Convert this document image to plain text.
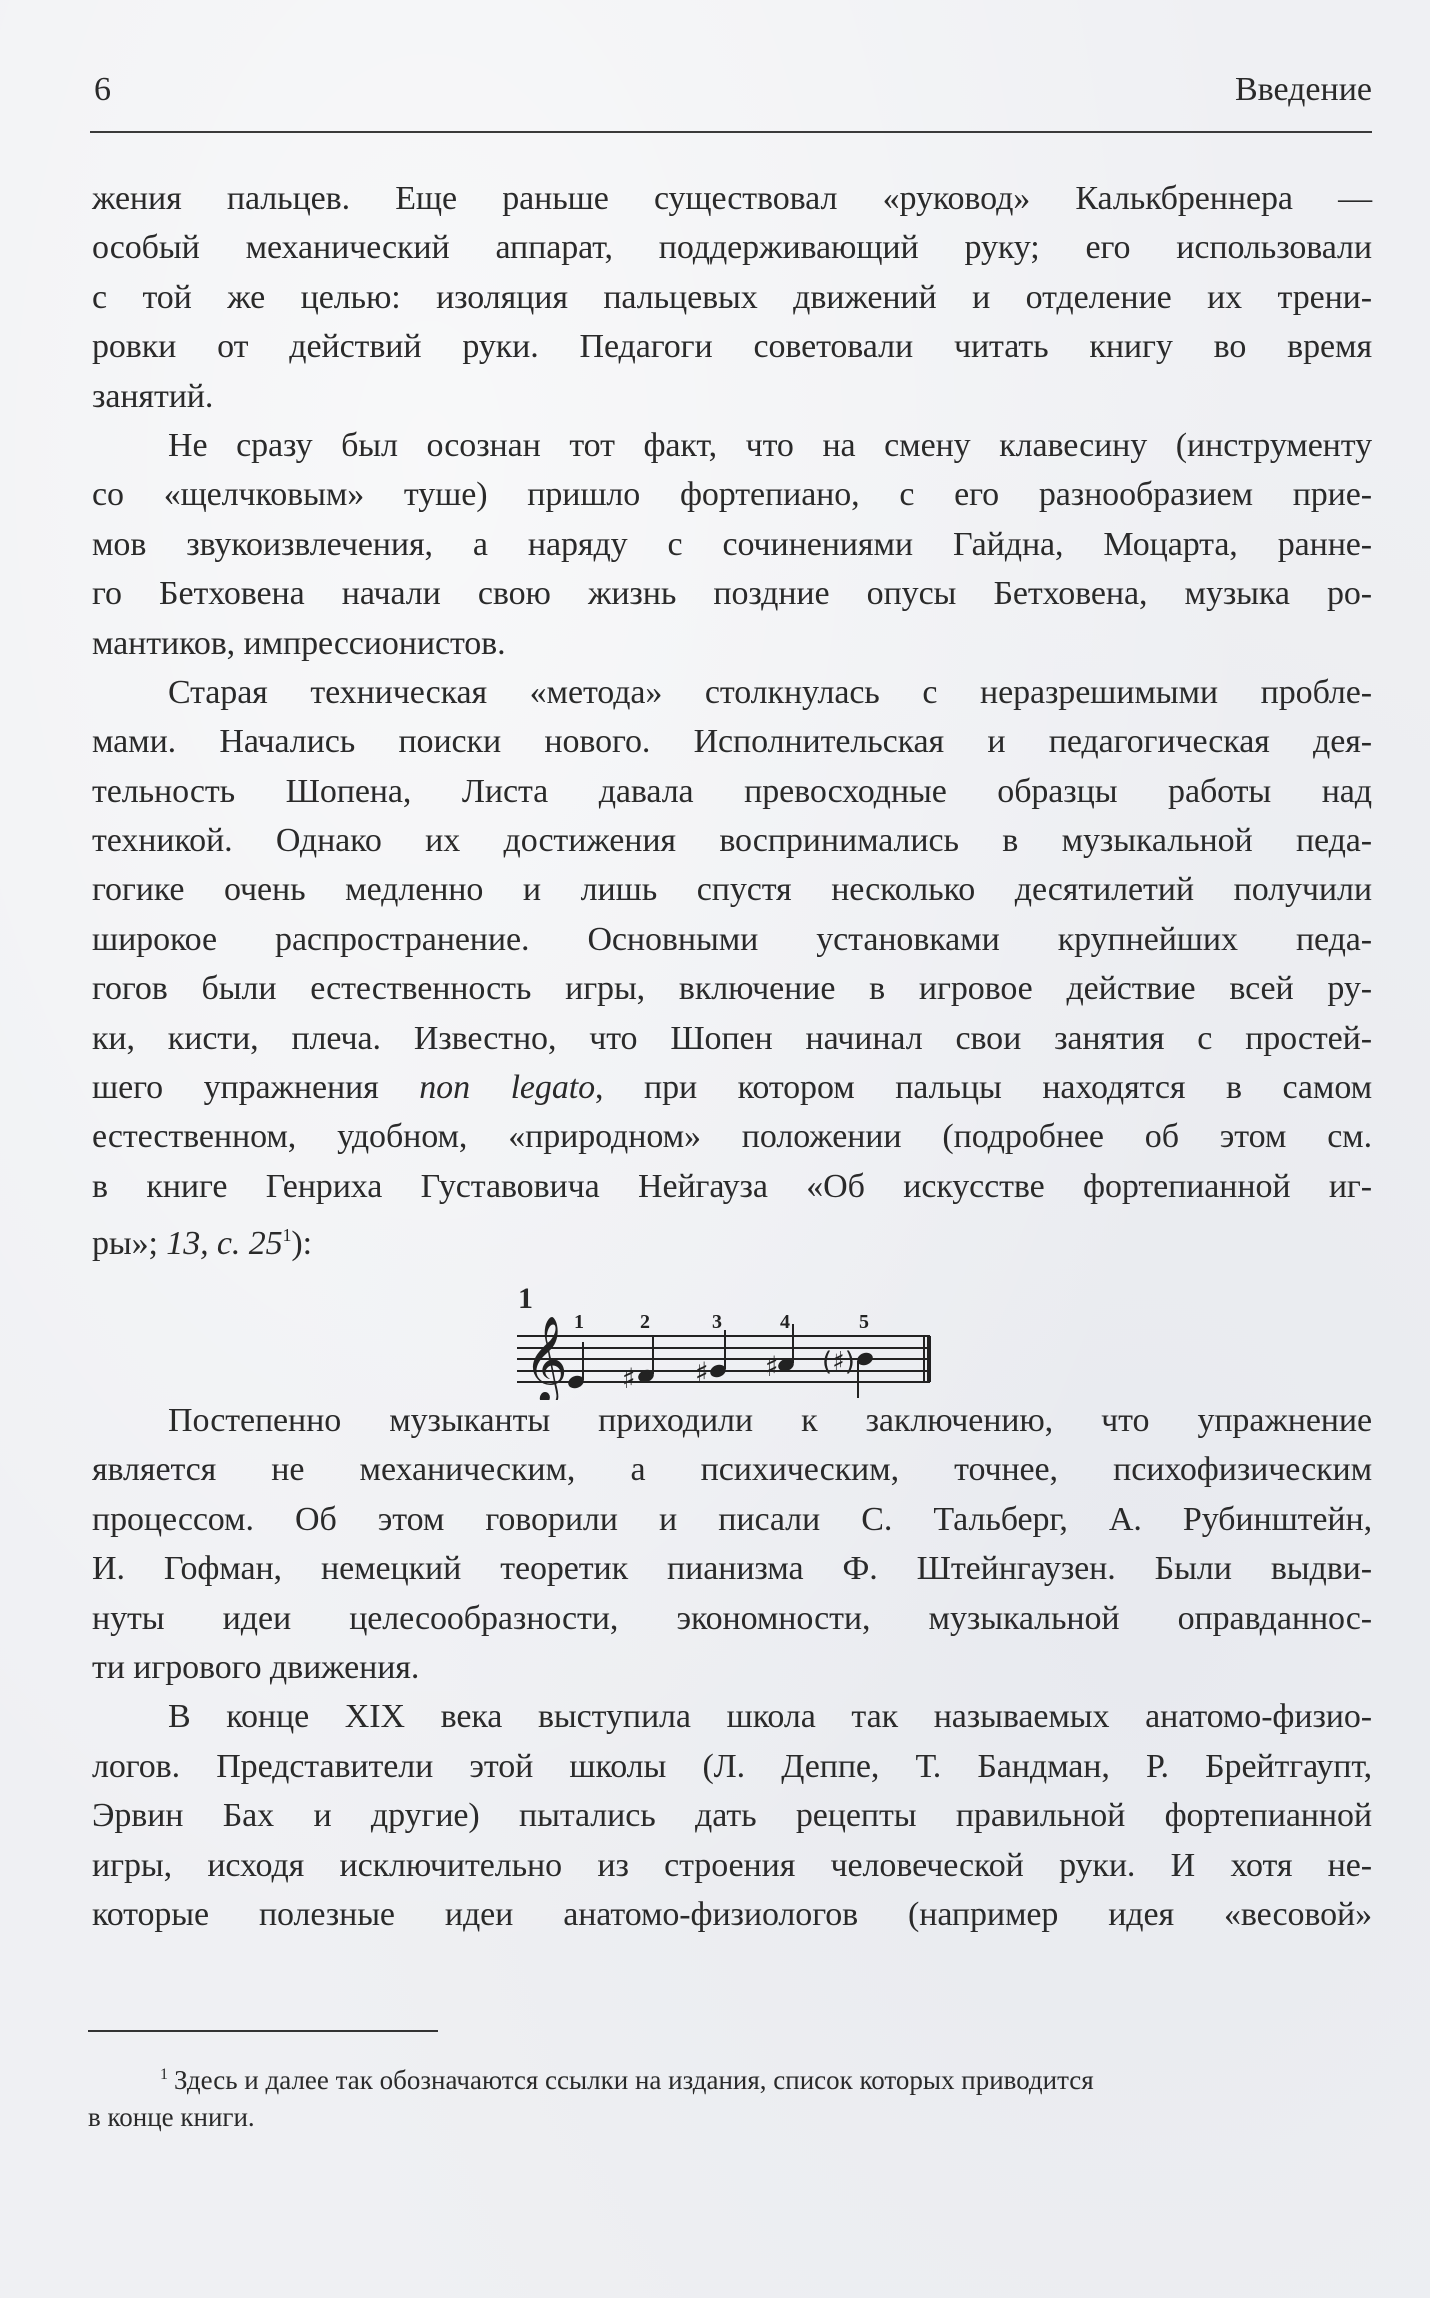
6	Введение
жения пальцев. Еще раньше существовал «руковод» Калькбреннера —
особый механический аппарат, поддерживающий руку; его использовали
с той же целью: изоляция пальцевых движений и отделение их трени-
ровки от действий руки. Педагоги советовали читать книгу во время
занятий.
Не сразу был осознан тот факт, что на смену клавесину (инструменту
со «щелчковым» туше) пришло фортепиано, с его разнообразием прие-
мов звукоизвлечения, а наряду с сочинениями Гайдна, Моцарта, ранне-
го Бетховена начали свою жизнь поздние опусы Бетховена, музыка ро-
мантиков, импрессионистов.
Старая техническая «метода» столкнулась с неразрешимыми пробле-
мами. Начались поиски нового. Исполнительская и педагогическая дея-
тельность Шопена, Листа давала превосходные образцы работы над
техникой. Однако их достижения воспринимались в музыкальной педа-
гогике очень медленно и лишь спустя несколько десятилетий получили
широкое распространение. Основными установками крупнейших педа-
гогов были естественность игры, включение в игровое действие всей ру-
ки, кисти, плеча. Известно, что Шопен начинал свои занятия с простей-
шего упражнения non legato, при котором пальцы находятся в самом
естественном, удобном, «природном» положении (подробнее об этом см.
в книге Генриха Густавовича Нейгауза «Об искусстве фортепианной иг-
ры»; 13, с. $25^1$):
1
𝄞 1	2	3	4	5
♯ ♯ ♯ (♯)
Постепенно музыканты приходили к заключению, что упражнение
является не механическим, а психическим, точнее, психофизическим
процессом. Об этом говорили и писали С. Тальберг, А. Рубинштейн,
И. Гофман, немецкий теоретик пианизма Ф. Штейнгаузен. Были выдви-
нуты идеи целесообразности, экономности, музыкальной оправданнос-
ти игрового движения.
В конце XIX века выступила школа так называемых анатомо-физио-
логов. Представители этой школы (Л. Деппе, Т. Бандман, Р. Брейтгаупт,
Эрвин Бах и другие) пытались дать рецепты правильной фортепианной
игры, исходя исключительно из строения человеческой руки. И хотя не-
которые полезные идеи анатомо-физиологов (например идея «весовой»
$^1$ Здесь и далее так обозначаются ссылки на издания, список которых приводится
в конце книги.
